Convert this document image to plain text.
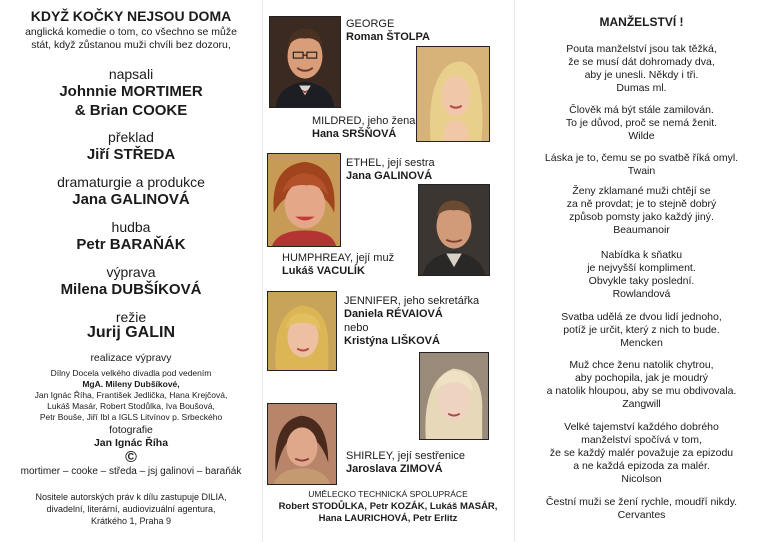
KDYŽ KOČKY NEJSOU DOMA
anglická komedie o tom, co všechno se může
stát, když zůstanou muži chvíli bez dozoru,
napsali
Johnnie MORTIMER
& Brian COOKE
překlad
Jiří STŘEDA
dramaturgie a produkce
Jana GALINOVÁ
hudba
Petr BARAŇÁK
výprava
Milena DUBŠÍKOVÁ
režie
Jurij GALIN
realizace výpravy
Dílny Docela velkého divadla pod vedením
MgA. Mileny Dubšíkové,
Jan Ignác Říha, František Jedlička, Hana Krejčová,
Lukáš Masár, Robert Stodůlka, Iva Boušová,
Petr Bouše, Jiří Ibl a IGLS Litvínov p. Srbeckého
fotografie
Jan Ignác Říha
©
mortimer – cooke – středa – jsj galinovi – baraňák
Nositele autorských práv k dílu zastupuje DILIA,
divadelní, literární, audiovizuální agentura,
Krátkého 1, Praha 9
GEORGE
Roman ŠTOLPA
MILDRED, jeho žena
Hana SRŠŇOVÁ
ETHEL, její sestra
Jana GALINOVÁ
HUMPHREAY, její muž
Lukáš VACULÍK
JENNIFER, jeho sekretářka
Daniela RÉVAIOVÁ
nebo
Kristýna LIŠKOVÁ
SHIRLEY, její sestřenice
Jaroslava ZIMOVÁ
UMĚLECKO TECHNICKÁ SPOLUPRÁCE
Robert STODŮLKA, Petr KOZÁK, Lukáš MASÁR,
Hana LAURICHOVÁ, Petr Erlitz
MANŽELSTVÍ !
Pouta manželství jsou tak těžká,
že se musí dát dohromady dva,
aby je unesli. Někdy i tři.
Dumas ml.
Člověk má být stále zamilován.
To je důvod, proč se nemá ženit.
Wilde
Láska je to, čemu se po svatbě říká omyl.
Twain
Ženy zklamané muži chtějí se
za ně provdat; je to stejně dobrý
způsob pomsty jako každý jiný.
Beaumanoir
Nabídka k sňatku
je nejvyšší kompliment.
Obvykle taky poslední.
Rowlandová
Svatba udělá ze dvou lidí jednoho,
potíž je určit, který z nich to bude.
Mencken
Muž chce ženu natolik chytrou,
aby pochopila, jak je moudrý
a natolik hloupou, aby se mu obdivovala.
Zangwill
Velké tajemství každého dobrého
manželství spočívá v tom,
že se každý malér považuje za epizodu
a ne každá epizoda za malér.
Nicolson
Čestní muži se žení rychle, moudří nikdy.
Cervantes
